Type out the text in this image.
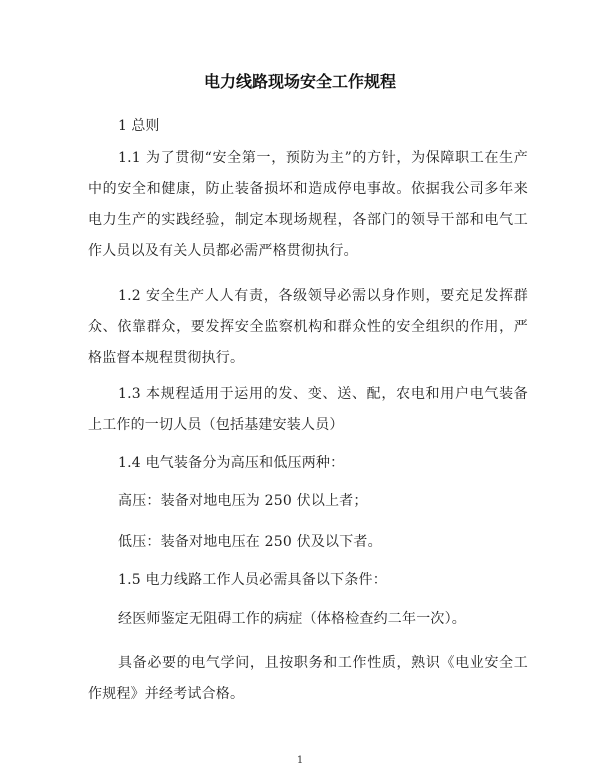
电力线路现场安全工作规程
1 总则

1.1 为了贯彻“安全第一，预防为主”的方针，为保障职工在生产中的安全和健康，防止装备损坏和造成停电事故。依据我公司多年来电力生产的实践经验，制定本现场规程，各部门的领导干部和电气工作人员以及有关人员都必需严格贯彻执行。

1.2 安全生产人人有责，各级领导必需以身作则，要充足发挥群众、依靠群众，要发挥安全监察机构和群众性的安全组织的作用，严格监督本规程贯彻执行。

1.3 本规程适用于运用的发、变、送、配，农电和用户电气装备上工作的一切人员（包括基建安装人员）

1.4 电气装备分为高压和低压两种：

高压：装备对地电压为 250 伏以上者；

低压：装备对地电压在 250 伏及以下者。

1.5 电力线路工作人员必需具备以下条件：

经医师鉴定无阻碍工作的病症（体格检查约二年一次）。

具备必要的电气学问，且按职务和工作性质，熟识《电业安全工作规程》并经考试合格。

1
